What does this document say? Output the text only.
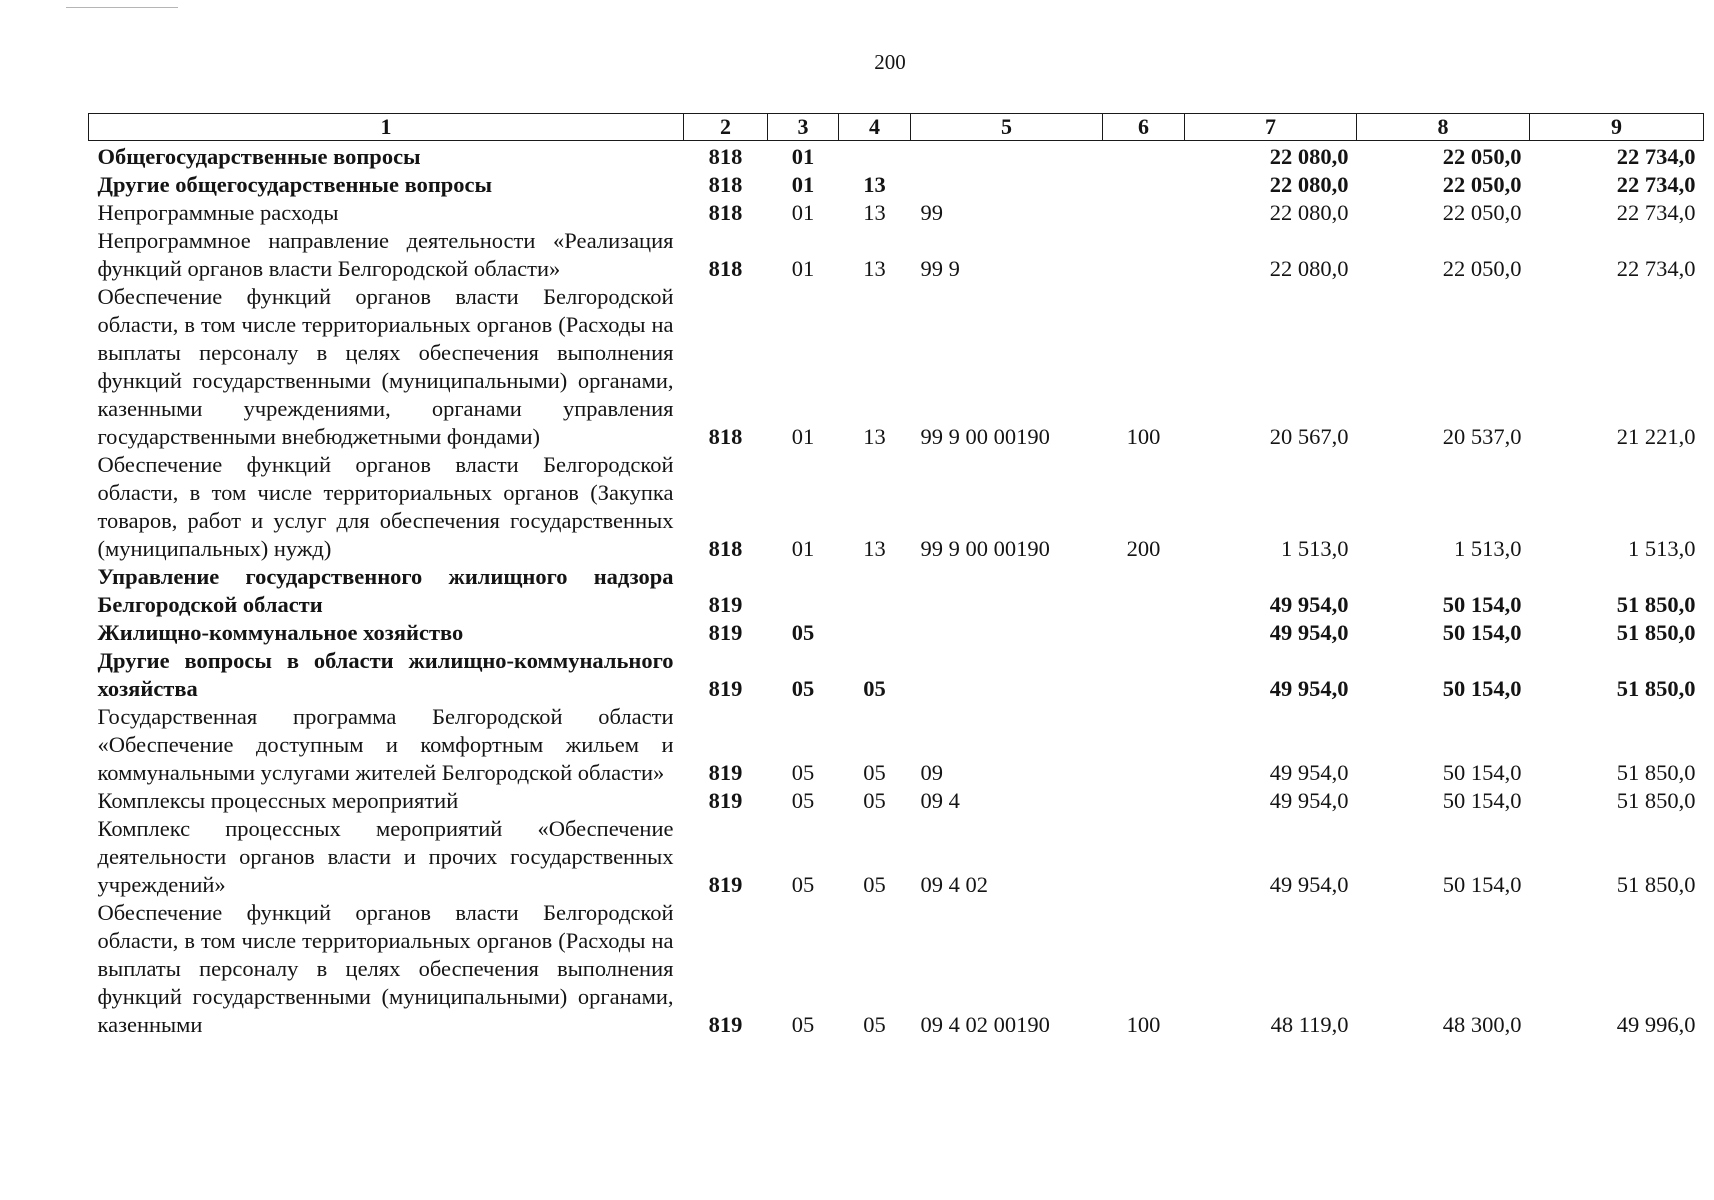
200
1	2	3	4	5	6	7	8	9
Общегосударственные вопросы	818	01				22 080,0	22 050,0	22 734,0
Другие общегосударственные вопросы	818	01	13			22 080,0	22 050,0	22 734,0
Непрограммные расходы	818	01	13	99		22 080,0	22 050,0	22 734,0
Непрограммное направление деятельности «Реализация функций органов власти Белгородской области»	818	01	13	99 9		22 080,0	22 050,0	22 734,0
Обеспечение функций органов власти Белгородской области, в том числе территориальных органов (Расходы на выплаты персоналу в целях обеспечения выполнения функций государственными (муниципальными) органами, казенными учреждениями, органами управления государственными внебюджетными фондами)	818	01	13	99 9 00 00190	100	20 567,0	20 537,0	21 221,0
Обеспечение функций органов власти Белгородской области, в том числе территориальных органов (Закупка товаров, работ и услуг для обеспечения государственных (муниципальных) нужд)	818	01	13	99 9 00 00190	200	1 513,0	1 513,0	1 513,0
Управление государственного жилищного надзора Белгородской области	819					49 954,0	50 154,0	51 850,0
Жилищно-коммунальное хозяйство	819	05				49 954,0	50 154,0	51 850,0
Другие вопросы в области жилищно-коммунального хозяйства	819	05	05			49 954,0	50 154,0	51 850,0
Государственная программа Белгородской области «Обеспечение доступным и комфортным жильем и коммунальными услугами жителей Белгородской области»	819	05	05	09		49 954,0	50 154,0	51 850,0
Комплексы процессных мероприятий	819	05	05	09 4		49 954,0	50 154,0	51 850,0
Комплекс процессных мероприятий «Обеспечение деятельности органов власти и прочих государственных учреждений»	819	05	05	09 4 02		49 954,0	50 154,0	51 850,0
Обеспечение функций органов власти Белгородской области, в том числе территориальных органов (Расходы на выплаты персоналу в целях обеспечения выполнения функций государственными (муниципальными) органами, казенными	819	05	05	09 4 02 00190	100	48 119,0	48 300,0	49 996,0
